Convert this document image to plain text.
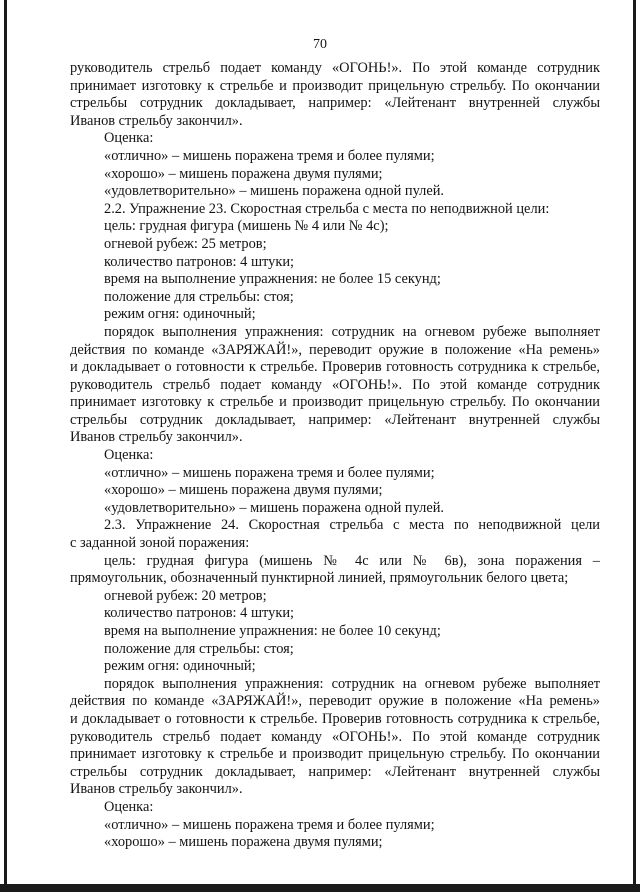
70

руководитель стрельб подает команду «ОГОНЬ!». По этой команде сотрудник

принимает изготовку к стрельбе и производит прицельную стрельбу. По окончании

стрельбы сотрудник докладывает, например: «Лейтенант внутренней службы

Иванов стрельбу закончил».

Оценка:

«отлично» – мишень поражена тремя и более пулями;

«хорошо» – мишень поражена двумя пулями;

«удовлетворительно» – мишень поражена одной пулей.

2.2. Упражнение 23. Скоростная стрельба с места по неподвижной цели:

цель: грудная фигура (мишень № 4 или № 4с);

огневой рубеж: 25 метров;

количество патронов: 4 штуки;

время на выполнение упражнения: не более 15 секунд;

положение для стрельбы: стоя;

режим огня: одиночный;

порядок выполнения упражнения: сотрудник на огневом рубеже выполняет

действия по команде «ЗАРЯЖАЙ!», переводит оружие в положение «На ремень»

и докладывает о готовности к стрельбе. Проверив готовность сотрудника к стрельбе,

руководитель стрельб подает команду «ОГОНЬ!». По этой команде сотрудник

принимает изготовку к стрельбе и производит прицельную стрельбу. По окончании

стрельбы сотрудник докладывает, например: «Лейтенант внутренней службы

Иванов стрельбу закончил».

Оценка:

«отлично» – мишень поражена тремя и более пулями;

«хорошо» – мишень поражена двумя пулями;

«удовлетворительно» – мишень поражена одной пулей.

2.3. Упражнение 24. Скоростная стрельба с места по неподвижной цели

с заданной зоной поражения:

цель: грудная фигура (мишень № 4с или № 6в), зона поражения –

прямоугольник, обозначенный пунктирной линией, прямоугольник белого цвета;

огневой рубеж: 20 метров;

количество патронов: 4 штуки;

время на выполнение упражнения: не более 10 секунд;

положение для стрельбы: стоя;

режим огня: одиночный;

порядок выполнения упражнения: сотрудник на огневом рубеже выполняет

действия по команде «ЗАРЯЖАЙ!», переводит оружие в положение «На ремень»

и докладывает о готовности к стрельбе. Проверив готовность сотрудника к стрельбе,

руководитель стрельб подает команду «ОГОНЬ!». По этой команде сотрудник

принимает изготовку к стрельбе и производит прицельную стрельбу. По окончании

стрельбы сотрудник докладывает, например: «Лейтенант внутренней службы

Иванов стрельбу закончил».

Оценка:

«отлично» – мишень поражена тремя и более пулями;

«хорошо» – мишень поражена двумя пулями;
